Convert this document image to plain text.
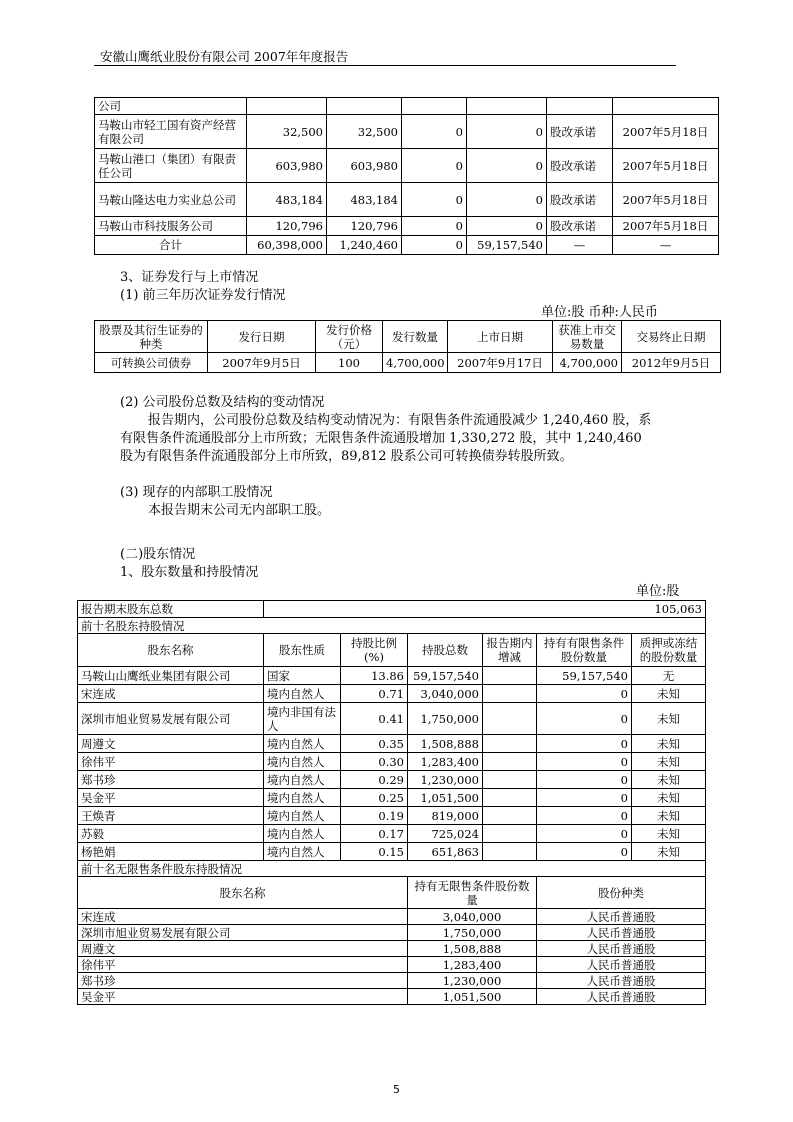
安徽山鹰纸业股份有限公司 2007年年度报告
公司						
马鞍山市轻工国有资产经营有限公司	32,500	32,500	0	0	股改承诺	2007年5月18日
马鞍山港口（集团）有限责任公司	603,980	603,980	0	0	股改承诺	2007年5月18日
马鞍山隆达电力实业总公司	483,184	483,184	0	0	股改承诺	2007年5月18日
马鞍山市科技服务公司	120,796	120,796	0	0	股改承诺	2007年5月18日
合计	60,398,000	1,240,460	0	59,157,540	—	—
3、证券发行与上市情况
(1) 前三年历次证券发行情况
单位:股 币种:人民币
股票及其衍生证券的种类	发行日期	发行价格（元）	发行数量	上市日期	获准上市交易数量	交易终止日期
可转换公司债券	2007年9月5日	100	4,700,000	2007年9月17日	4,700,000	2012年9月5日
(2) 公司股份总数及结构的变动情况
报告期内，公司股份总数及结构变动情况为：有限售条件流通股减少 1,240,460 股，系
有限售条件流通股部分上市所致；无限售条件流通股增加 1,330,272 股，其中 1,240,460
股为有限售条件流通股部分上市所致，89,812 股系公司可转换债券转股所致。
(3) 现存的内部职工股情况
本报告期末公司无内部职工股。
(二)股东情况
1、股东数量和持股情况
单位:股
报告期末股东总数	105,063					
前十名股东持股情况						
股东名称	股东性质	持股比例(%)	持股总数	报告期内增减	持有有限售条件股份数量	质押或冻结的股份数量
马鞍山山鹰纸业集团有限公司	国家	13.86	59,157,540		59,157,540	无
宋连成	境内自然人	0.71	3,040,000		0	未知
深圳市旭业贸易发展有限公司	境内非国有法人	0.41	1,750,000		0	未知
周遵文	境内自然人	0.35	1,508,888		0	未知
徐伟平	境内自然人	0.30	1,283,400		0	未知
郑书珍	境内自然人	0.29	1,230,000		0	未知
吴金平	境内自然人	0.25	1,051,500		0	未知
王焕青	境内自然人	0.19	819,000		0	未知
苏毅	境内自然人	0.17	725,024		0	未知
杨艳娟	境内自然人	0.15	651,863		0	未知
前十名无限售条件股东持股情况						
股东名称			持有无限售条件股份数量		股份种类	
宋连成			3,040,000		人民币普通股	
深圳市旭业贸易发展有限公司			1,750,000		人民币普通股	
周遵文			1,508,888		人民币普通股	
徐伟平			1,283,400		人民币普通股	
郑书珍			1,230,000		人民币普通股	
吴金平			1,051,500		人民币普通股	
5
